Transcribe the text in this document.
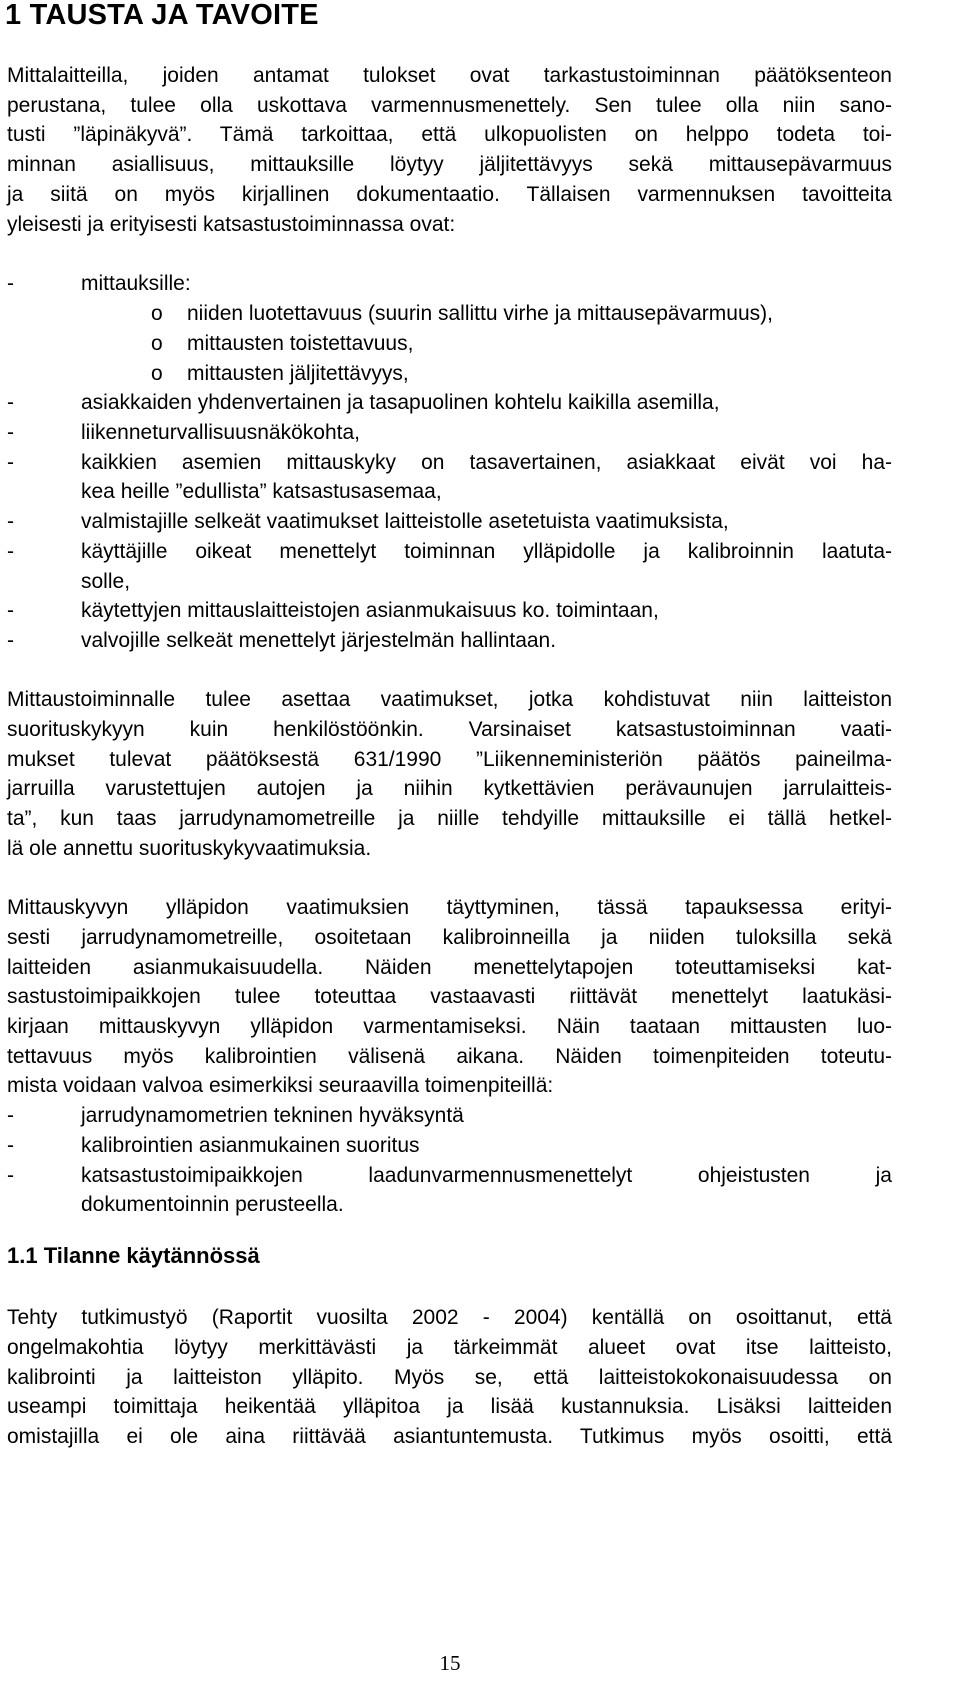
1 TAUSTA JA TAVOITE
Mittalaitteilla, joiden antamat tulokset ovat tarkastustoiminnan päätöksenteon
perustana, tulee olla uskottava varmennusmenettely. Sen tulee olla niin sano-
tusti ”läpinäkyvä”. Tämä tarkoittaa, että ulkopuolisten on helppo todeta toi-
minnan asiallisuus, mittauksille löytyy jäljitettävyys sekä mittausepävarmuus
ja siitä on myös kirjallinen dokumentaatio. Tällaisen varmennuksen tavoitteita
yleisesti ja erityisesti katsastustoiminnassa ovat:
-	mittauksille:
o niiden luotettavuus (suurin sallittu virhe ja mittausepävarmuus),
o mittausten toistettavuus,
o mittausten jäljitettävyys,
-	asiakkaiden yhdenvertainen ja tasapuolinen kohtelu kaikilla asemilla,
-	liikenneturvallisuusnäkökohta,
-	kaikkien asemien mittauskyky on tasavertainen, asiakkaat eivät voi ha-
kea heille ”edullista” katsastusasemaa,
-	valmistajille selkeät vaatimukset laitteistolle asetetuista vaatimuksista,
-	käyttäjille oikeat menettelyt toiminnan ylläpidolle ja kalibroinnin laatuta-
solle,
-	käytettyjen mittauslaitteistojen asianmukaisuus ko. toimintaan,
-	valvojille selkeät menettelyt järjestelmän hallintaan.
Mittaustoiminnalle tulee asettaa vaatimukset, jotka kohdistuvat niin laitteiston
suorituskykyyn kuin henkilöstöönkin. Varsinaiset katsastustoiminnan vaati-
mukset tulevat päätöksestä 631/1990 ”Liikenneministeriön päätös paineilma-
jarruilla varustettujen autojen ja niihin kytkettävien perävaunujen jarrulaitteis-
ta”, kun taas jarrudynamometreille ja niille tehdyille mittauksille ei tällä hetkel-
lä ole annettu suorituskykyvaatimuksia.
Mittauskyvyn ylläpidon vaatimuksien täyttyminen, tässä tapauksessa erityi-
sesti jarrudynamometreille, osoitetaan kalibroinneilla ja niiden tuloksilla sekä
laitteiden asianmukaisuudella. Näiden menettelytapojen toteuttamiseksi kat-
sastustoimipaikkojen tulee toteuttaa vastaavasti riittävät menettelyt laatukäsi-
kirjaan mittauskyvyn ylläpidon varmentamiseksi. Näin taataan mittausten luo-
tettavuus myös kalibrointien välisenä aikana. Näiden toimenpiteiden toteutu-
mista voidaan valvoa esimerkiksi seuraavilla toimenpiteillä:
-	jarrudynamometrien tekninen hyväksyntä
-	kalibrointien asianmukainen suoritus
-	katsastustoimipaikkojen laadunvarmennusmenettelyt ohjeistusten ja
dokumentoinnin perusteella.
1.1 Tilanne käytännössä
Tehty tutkimustyö (Raportit vuosilta 2002 - 2004) kentällä on osoittanut, että
ongelmakohtia löytyy merkittävästi ja tärkeimmät alueet ovat itse laitteisto,
kalibrointi ja laitteiston ylläpito. Myös se, että laitteistokokonaisuudessa on
useampi toimittaja heikentää ylläpitoa ja lisää kustannuksia. Lisäksi laitteiden
omistajilla ei ole aina riittävää asiantuntemusta. Tutkimus myös osoitti, että
15
